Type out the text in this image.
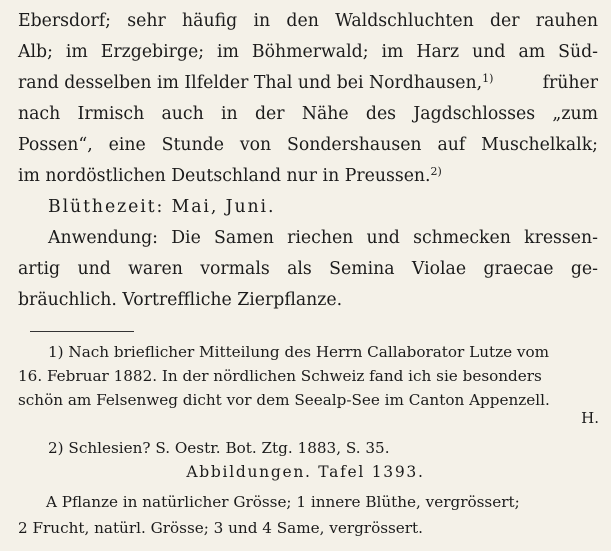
Ebersdorf; sehr häufig in den Waldschluchten der rauhen
Alb; im Erzgebirge; im Böhmerwald; im Harz und am Süd-
rand desselben im Ilfelder Thal und bei Nordhausen,$^{1)}$	früher
nach Irmisch auch in der Nähe des Jagdschlosses „zum
Possen“, eine Stunde von Sondershausen auf Muschelkalk;
im nordöstlichen Deutschland nur in Preussen.$^{2)}$
Blüthezeit: Mai, Juni.
Anwendung: Die Samen riechen und schmecken kressen-
artig und waren vormals als Semina Violae graecae ge-
bräuchlich. Vortreffliche Zierpflanze.
1) Nach brieflicher Mitteilung des Herrn Callaborator Lutze vom
16. Februar 1882. In der nördlichen Schweiz fand ich sie besonders
schön am Felsenweg dicht vor dem Seealp-See im Canton Appenzell.
2) Schlesien? S. Oestr. Bot. Ztg. 1883, S. 35.
H.
Abbildungen. Tafel 1393.
A Pflanze in natürlicher Grösse; 1 innere Blüthe, vergrössert;
2 Frucht, natürl. Grösse; 3 und 4 Same, vergrössert.
